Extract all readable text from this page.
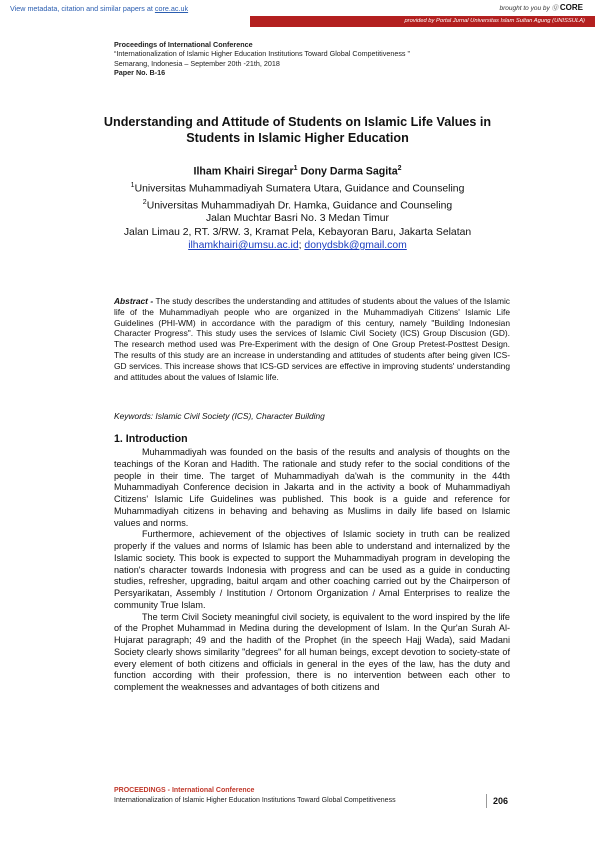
View metadata, citation and similar papers at core.ac.uk	brought to you by Ⓠ CORE
provided by Portal Jurnal Universitas Islam Sultan Agung (UNISSULA)
Proceedings of International Conference
“Internationalization of Islamic Higher Education Institutions Toward Global Competitiveness ”
Semarang, Indonesia – September 20th -21th, 2018
Paper No. B-16
Understanding and Attitude of Students on Islamic Life Values in Students in Islamic Higher Education
Ilham Khairi Siregar$^1$ Dony Darma Sagita$^2$
$^1$Universitas Muhammadiyah Sumatera Utara, Guidance and Counseling
$^2$Universitas Muhammadiyah Dr. Hamka, Guidance and Counseling
Jalan Muchtar Basri No. 3 Medan Timur
Jalan Limau 2, RT. 3/RW. 3, Kramat Pela, Kebayoran Baru, Jakarta Selatan
ilhamkhairi@umsu.ac.id; donydsbk@gmail.com

Abstract - The study describes the understanding and attitudes of students about the values of the Islamic life of the Muhammadiyah people who are organized in the Muhammadiyah Citizens' Islamic Life Guidelines (PHI-WM) in accordance with the paradigm of this century, namely "Building Indonesian Character Progress". This study uses the services of Islamic Civil Society (ICS) Group Discusion (GD). The research method used was Pre-Experiment with the design of One Group Pretest-Posttest Design. The results of this study are an increase in understanding and attitudes of students after being given ICS-GD services. This increase shows that ICS-GD services are effective in improving students' understanding and attitudes about the values of Islamic life.

Keywords: Islamic Civil Society (ICS), Character Building
1. Introduction

Muhammadiyah was founded on the basis of the results and analysis of thoughts on the teachings of the Koran and Hadith. The rationale and study refer to the social conditions of the people in their time. The target of Muhammadiyah da'wah is the community in the 44th Muhammadiyah Conference decision in Jakarta and in the activity a book of Muhammadiyah Citizens' Islamic Life Guidelines was published. This book is a guide and reference for Muhammadiyah citizens in behaving and behaving as Muslims in daily life based on Islamic values and norms.

Furthermore, achievement of the objectives of Islamic society in truth can be realized properly if the values and norms of Islamic has been able to understand and internalized by the Islamic society. This book is expected to support the Muhammadiyah program in developing the nation's character towards Indonesia with progress and can be used as a guide in conducting studies, refresher, upgrading, baitul arqam and other coaching carried out by the Chairperson of Persyarikatan, Assembly / Institution / Ortonom Organization / Amal Enterprises to realize the community True Islam.

The term Civil Society meaningful civil society, is equivalent to the word inspired by the life of the Prophet Muhammad in Medina during the development of Islam. In the Qur'an Surah Al-Hujarat paragraph; 49 and the hadith of the Prophet (in the speech Hajj Wada), said Madani Society clearly shows similarity "degrees" for all human beings, except devotion to society-state of every element of both citizens and officials in general in the eyes of the law, has the duty and function according with their profession, there is no intervention between each other to complement the weaknesses and advantages of both citizens and

PROCEEDINGS - International Conference
Internationalization of Islamic Higher Education Institutions Toward Global Competitiveness	206
